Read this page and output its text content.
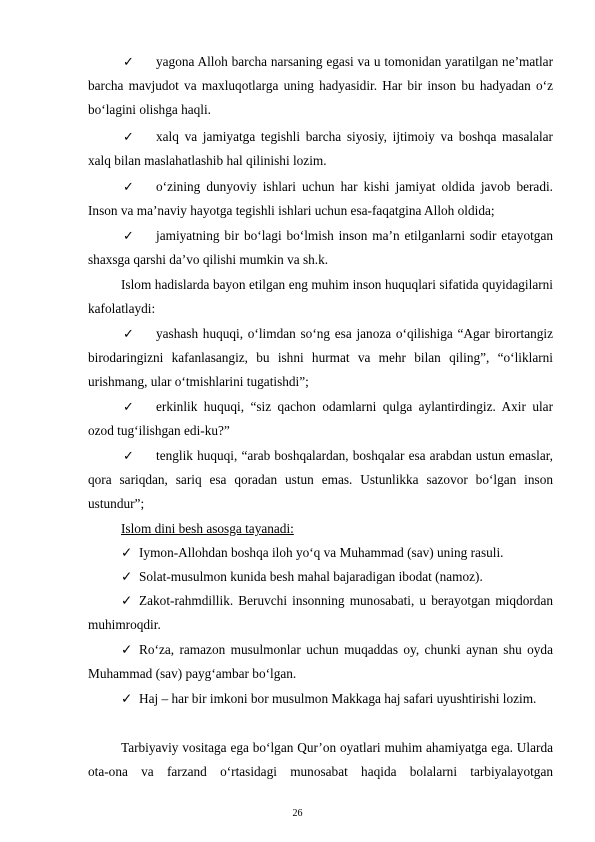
✓	yagona Alloh barcha narsaning egasi va u tomonidan yaratilgan ne’matlar barcha mavjudot va maxluqotlarga uning hadyasidir. Har bir inson bu hadyadan o‘z bo‘lagini olishga haqli.

✓	xalq va jamiyatga tegishli barcha siyosiy, ijtimoiy va boshqa masalalar xalq bilan maslahatlashib hal qilinishi lozim.

✓	o‘zining dunyoviy ishlari uchun har kishi jamiyat oldida javob beradi. Inson va ma’naviy hayotga tegishli ishlari uchun esa-faqatgina Alloh oldida;

✓	jamiyatning bir bo‘lagi bo‘lmish inson ma’n etilganlarni sodir etayotgan shaxsga qarshi da’vo qilishi mumkin va sh.k.

Islom hadislarda bayon etilgan eng muhim inson huquqlari sifatida quyidagilarni kafolatlaydi:

✓	yashash huquqi, o‘limdan so‘ng esa janoza o‘qilishiga “Agar birortangiz birodaringizni kafanlasangiz, bu ishni hurmat va mehr bilan qiling”, “o‘liklarni urishmang, ular o‘tmishlarini tugatishdi”;

✓	erkinlik huquqi, “siz qachon odamlarni qulga aylantirdingiz. Axir ular ozod tug‘ilishgan edi-ku?”

✓	tenglik huquqi, “arab boshqalardan, boshqalar esa arabdan ustun emaslar, qora sariqdan, sariq esa qoradan ustun emas. Ustunlikka sazovor bo‘lgan inson ustundur”;

Islom dini besh asosga tayanadi:

✓ Iymon-Allohdan boshqa iloh yo‘q va Muhammad (sav) uning rasuli.

✓ Solat-musulmon kunida besh mahal bajaradigan ibodat (namoz).

✓ Zakot-rahmdillik. Beruvchi insonning munosabati, u berayotgan miqdordan muhimroqdir.

✓ Ro‘za, ramazon musulmonlar uchun muqaddas oy, chunki aynan shu oyda Muhammad (sav) payg‘ambar bo‘lgan.

✓ Haj – har bir imkoni bor musulmon Makkaga haj safari uyushtirishi lozim.

Tarbiyaviy vositaga ega bo‘lgan Qur’on oyatlari muhim ahamiyatga ega. Ularda ota-ona va farzand o‘rtasidagi munosabat haqida bolalarni tarbiyalayotgan

26
